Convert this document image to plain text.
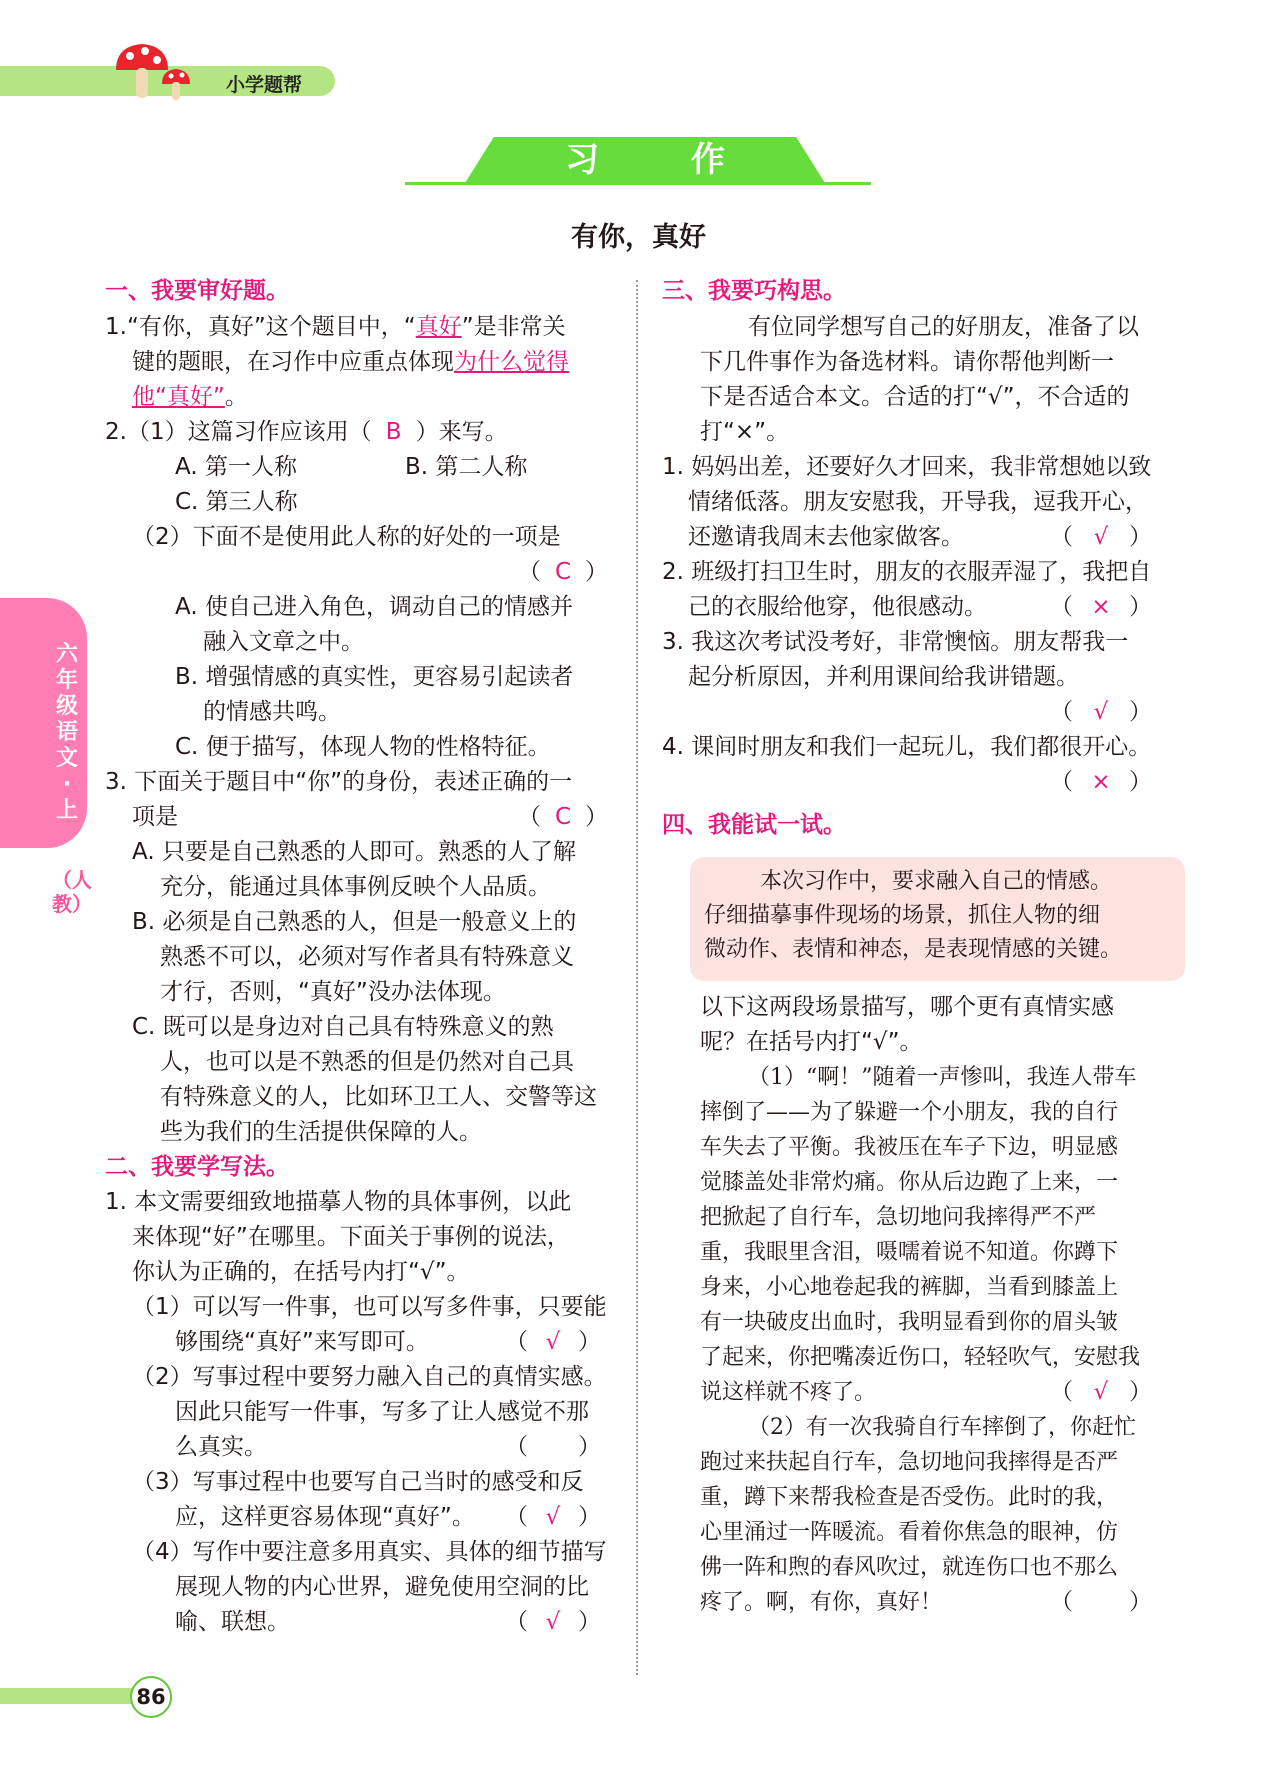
小学题帮
习 作
有你，真好
六年级语文·上
（人教）
一、我要审好题。
1.“有你，真好”这个题目中，“真好”是非常关
键的题眼，在习作中应重点体现为什么觉得
他“真好”。
2.（1）这篇习作应该用（ B ）来写。
A. 第一人称	B. 第二人称
C. 第三人称
（2）下面不是使用此人称的好处的一项是
（ C ）
A. 使自己进入角色，调动自己的情感并
融入文章之中。
B. 增强情感的真实性，更容易引起读者
的情感共鸣。
C. 便于描写，体现人物的性格特征。
3. 下面关于题目中“你”的身份，表述正确的一
项是	（ C ）
A. 只要是自己熟悉的人即可。熟悉的人了解
充分，能通过具体事例反映个人品质。
B. 必须是自己熟悉的人，但是一般意义上的
熟悉不可以，必须对写作者具有特殊意义
才行，否则，“真好”没办法体现。
C. 既可以是身边对自己具有特殊意义的熟
人，也可以是不熟悉的但是仍然对自己具
有特殊意义的人，比如环卫工人、交警等这
些为我们的生活提供保障的人。
二、我要学写法。
1. 本文需要细致地描摹人物的具体事例，以此
来体现“好”在哪里。下面关于事例的说法，
你认为正确的，在括号内打“√”。
（1）可以写一件事，也可以写多件事，只要能
够围绕“真好”来写即可。	（ √ ）
（2）写事过程中要努力融入自己的真情实感。
因此只能写一件事，写多了让人感觉不那
么真实。	（ ）
（3）写事过程中也要写自己当时的感受和反
应，这样更容易体现“真好”。 （ √ ）
（4）写作中要注意多用真实、具体的细节描写
展现人物的内心世界，避免使用空洞的比
喻、联想。	（ √ ）
三、我要巧构思。
有位同学想写自己的好朋友，准备了以
下几件事作为备选材料。请你帮他判断一
下是否适合本文。合适的打“√”，不合适的
打“×”。
1. 妈妈出差，还要好久才回来，我非常想她以致
情绪低落。朋友安慰我，开导我，逗我开心，
还邀请我周末去他家做客。	（ √ ）
2. 班级打扫卫生时，朋友的衣服弄湿了，我把自
己的衣服给他穿，他很感动。	（ × ）
3. 我这次考试没考好，非常懊恼。朋友帮我一
起分析原因，并利用课间给我讲错题。
（ √ ）
4. 课间时朋友和我们一起玩儿，我们都很开心。
（ × ）
四、我能试一试。
本次习作中，要求融入自己的情感。
仔细描摹事件现场的场景，抓住人物的细
微动作、表情和神态，是表现情感的关键。
以下这两段场景描写，哪个更有真情实感
呢？在括号内打“√”。
（1）“啊！”随着一声惨叫，我连人带车
摔倒了——为了躲避一个小朋友，我的自行
车失去了平衡。我被压在车子下边，明显感
觉膝盖处非常灼痛。你从后边跑了上来，一
把掀起了自行车，急切地问我摔得严不严
重，我眼里含泪，嗫嚅着说不知道。你蹲下
身来，小心地卷起我的裤脚，当看到膝盖上
有一块破皮出血时，我明显看到你的眉头皱
了起来，你把嘴凑近伤口，轻轻吹气，安慰我
说这样就不疼了。	（ √ ）
（2）有一次我骑自行车摔倒了，你赶忙
跑过来扶起自行车，急切地问我摔得是否严
重，蹲下来帮我检查是否受伤。此时的我，
心里涌过一阵暖流。看着你焦急的眼神，仿
佛一阵和煦的春风吹过，就连伤口也不那么
疼了。啊，有你，真好！	（ ）
86
